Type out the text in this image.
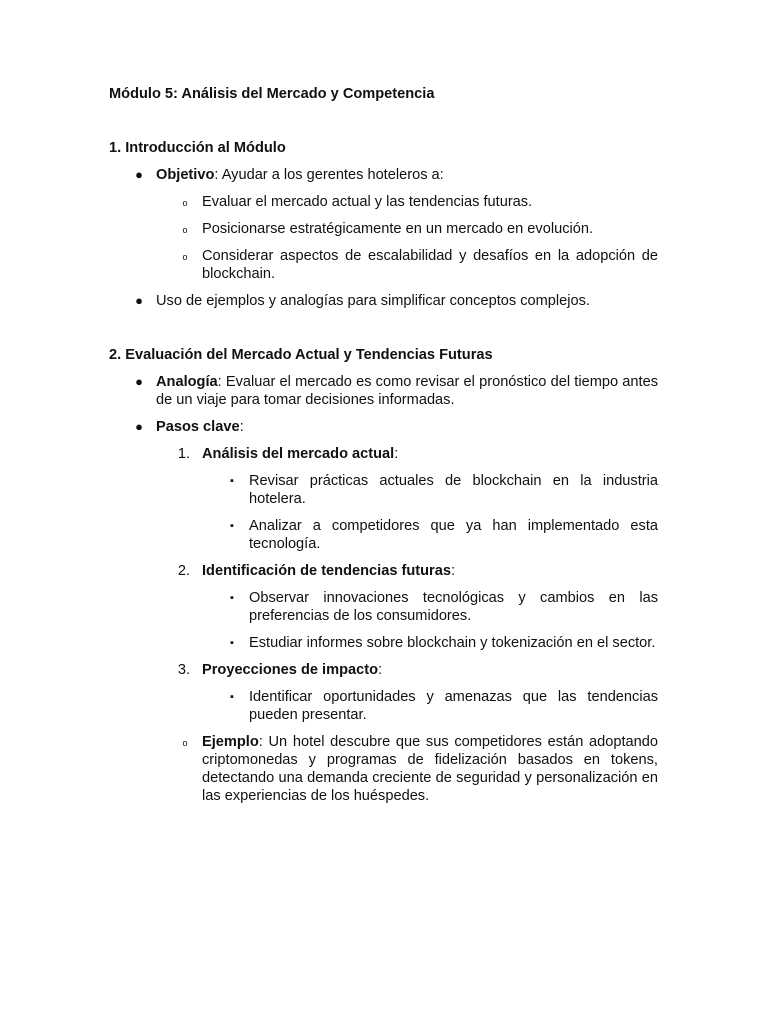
Módulo 5: Análisis del Mercado y Competencia
1. Introducción al Módulo
● Objetivo: Ayudar a los gerentes hoteleros a:
o Evaluar el mercado actual y las tendencias futuras.
o Posicionarse estratégicamente en un mercado en evolución.
o Considerar aspectos de escalabilidad y desafíos en la adopción de blockchain.
● Uso de ejemplos y analogías para simplificar conceptos complejos.
2. Evaluación del Mercado Actual y Tendencias Futuras
● Analogía: Evaluar el mercado es como revisar el pronóstico del tiempo antes de un viaje para tomar decisiones informadas.
● Pasos clave:
1. Análisis del mercado actual:
▪	Revisar prácticas actuales de blockchain en la industria hotelera.
▪	Analizar a competidores que ya han implementado esta tecnología.
2. Identificación de tendencias futuras:
▪	Observar innovaciones tecnológicas y cambios en las preferencias de los consumidores.
▪	Estudiar informes sobre blockchain y tokenización en el sector.
3. Proyecciones de impacto:
▪	Identificar oportunidades y amenazas que las tendencias pueden presentar.
o Ejemplo: Un hotel descubre que sus competidores están adoptando criptomonedas y programas de fidelización basados en tokens, detectando una demanda creciente de seguridad y personalización en las experiencias de los huéspedes.
